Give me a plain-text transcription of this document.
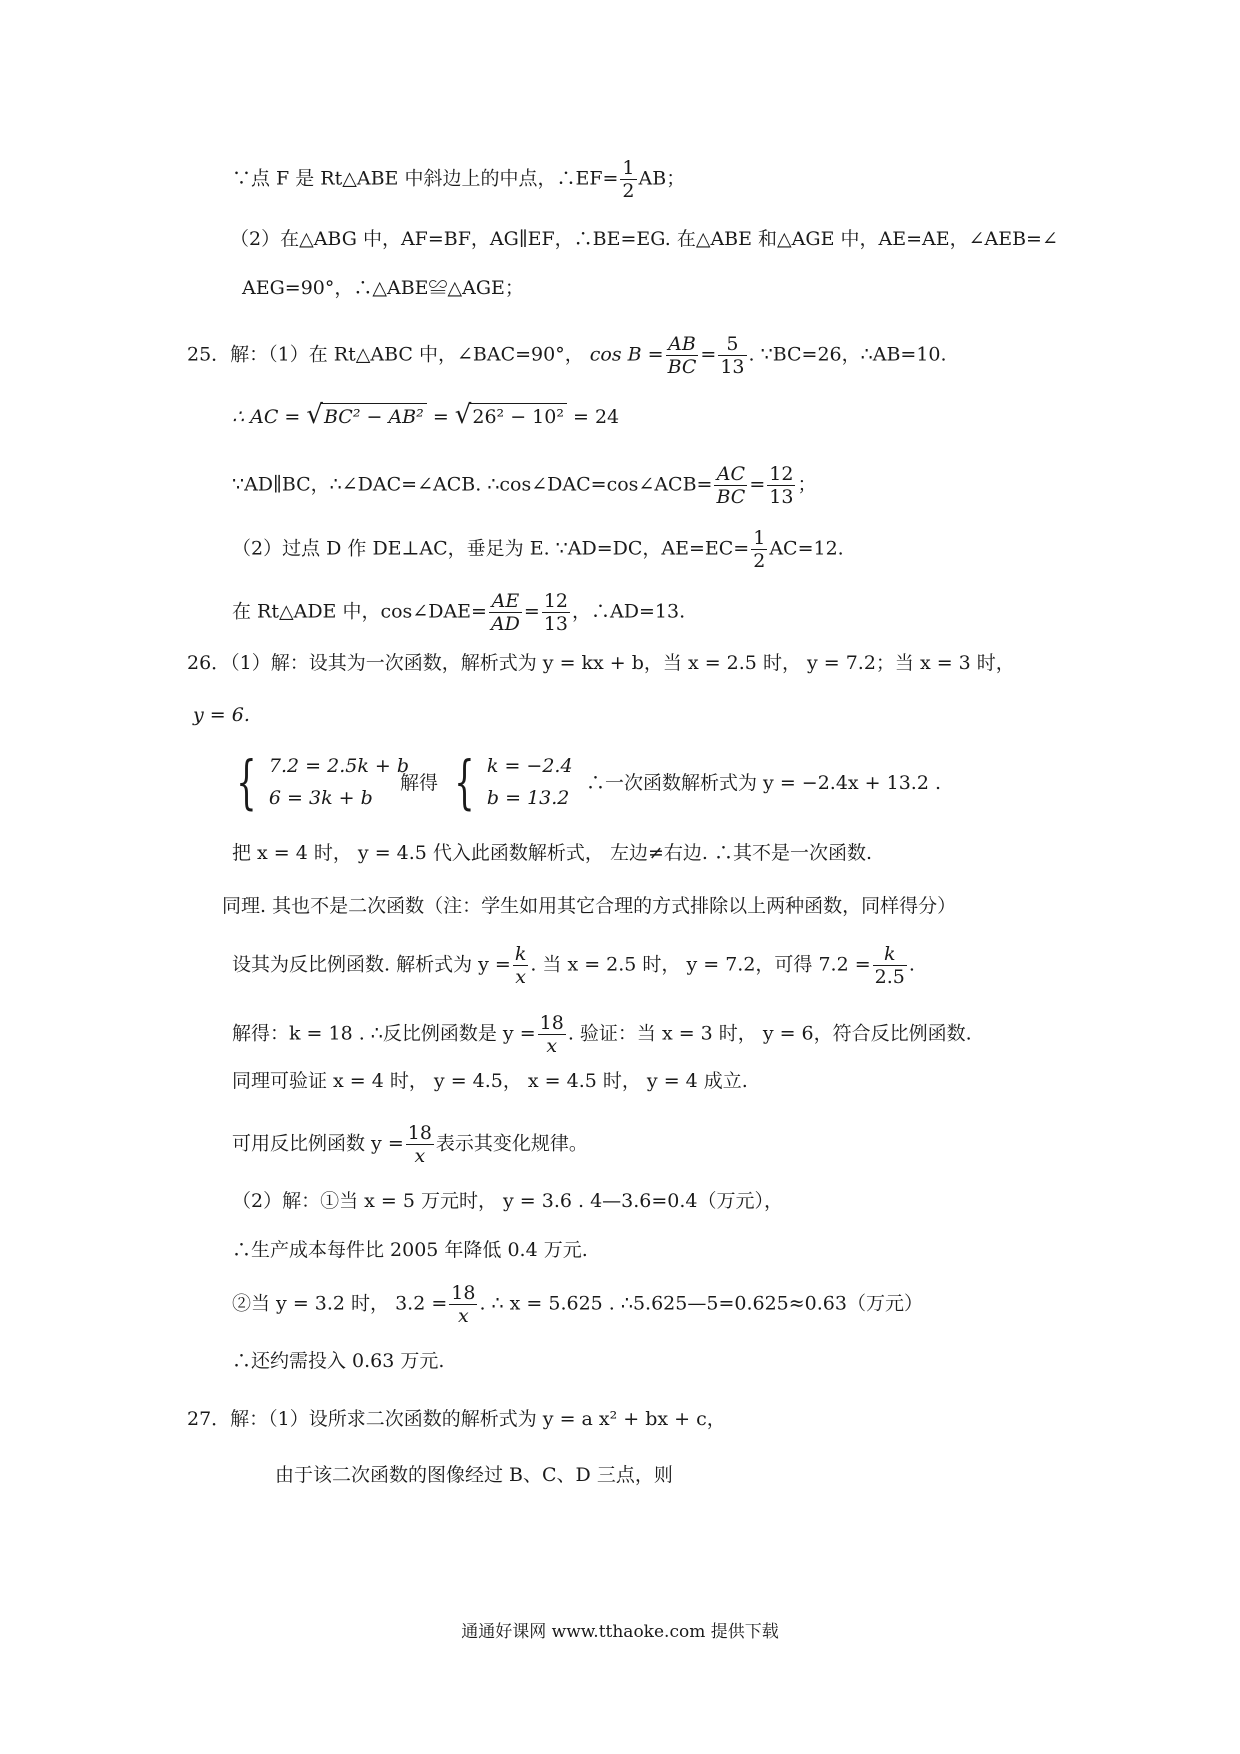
∵点 F 是 Rt△ABE 中斜边上的中点，∴EF= $\frac{1}{2}$ AB；
（2）在△ABG 中，AF=BF，AG∥EF，∴BE=EG. 在△ABE 和△AGE 中，AE=AE，∠AEB=∠
AEG=90°，∴△ABE≌△AGE；
25．解：（1）在 Rt△ABC 中，∠BAC=90°， $\cos B = \frac{AB}{BC} = \frac{5}{13}$ . ∵BC=26，∴AB=10.
∴ AC = √BC² − AB² = √26² − 10² = 24
∵AD∥BC，∴∠DAC=∠ACB. ∴cos∠DAC=cos∠ACB= $\frac{AC}{BC} = \frac{12}{13}$ ；
（2）过点 D 作 DE⊥AC，垂足为 E. ∵AD=DC，$AE=EC= \frac{1}{2} AC=12$.
在 Rt△ADE 中，cos∠DAE= $\frac{AE}{AD} = \frac{12}{13}$ ，∴AD=13.
26．（1）解：设其为一次函数，解析式为 y = kx + b，当 x = 2.5 时， y = 7.2；当 x = 3 时，
y = 6.
{ 7.2 = 2.5k + b
6 = 3k + b
解得 { k = −2.4
b = 13.2
∴一次函数解析式为 y = −2.4x + 13.2 .
把 x = 4 时， y = 4.5 代入此函数解析式， 左边≠右边. ∴其不是一次函数.
同理. 其也不是二次函数（注：学生如用其它合理的方式排除以上两种函数，同样得分）
设其为反比例函数. 解析式为 $y = \frac{k}{x}$ . 当 x = 2.5 时， y = 7.2，可得 $7.2 = \frac{k}{2.5}$ .
解得：k = 18 . ∴反比例函数是 $y = \frac{18}{x}$ . 验证：当 x = 3 时， y = 6，符合反比例函数.
同理可验证 x = 4 时， y = 4.5， x = 4.5 时， y = 4 成立.
可用反比例函数 $y = \frac{18}{x}$ 表示其变化规律。
（2）解：①当 x = 5 万元时， y = 3.6 . 4—3.6=0.4（万元），
∴生产成本每件比 2005 年降低 0.4 万元.
②当 y = 3.2 时， $3.2 = \frac{18}{x}$ . ∴ x = 5.625 . ∴5.625—5=0.625≈0.63（万元）
∴还约需投入 0.63 万元.
27．解：（1）设所求二次函数的解析式为 y = a x² + bx + c，
由于该二次函数的图像经过 B、C、D 三点，则
通通好课网 www.tthaoke.com 提供下载
